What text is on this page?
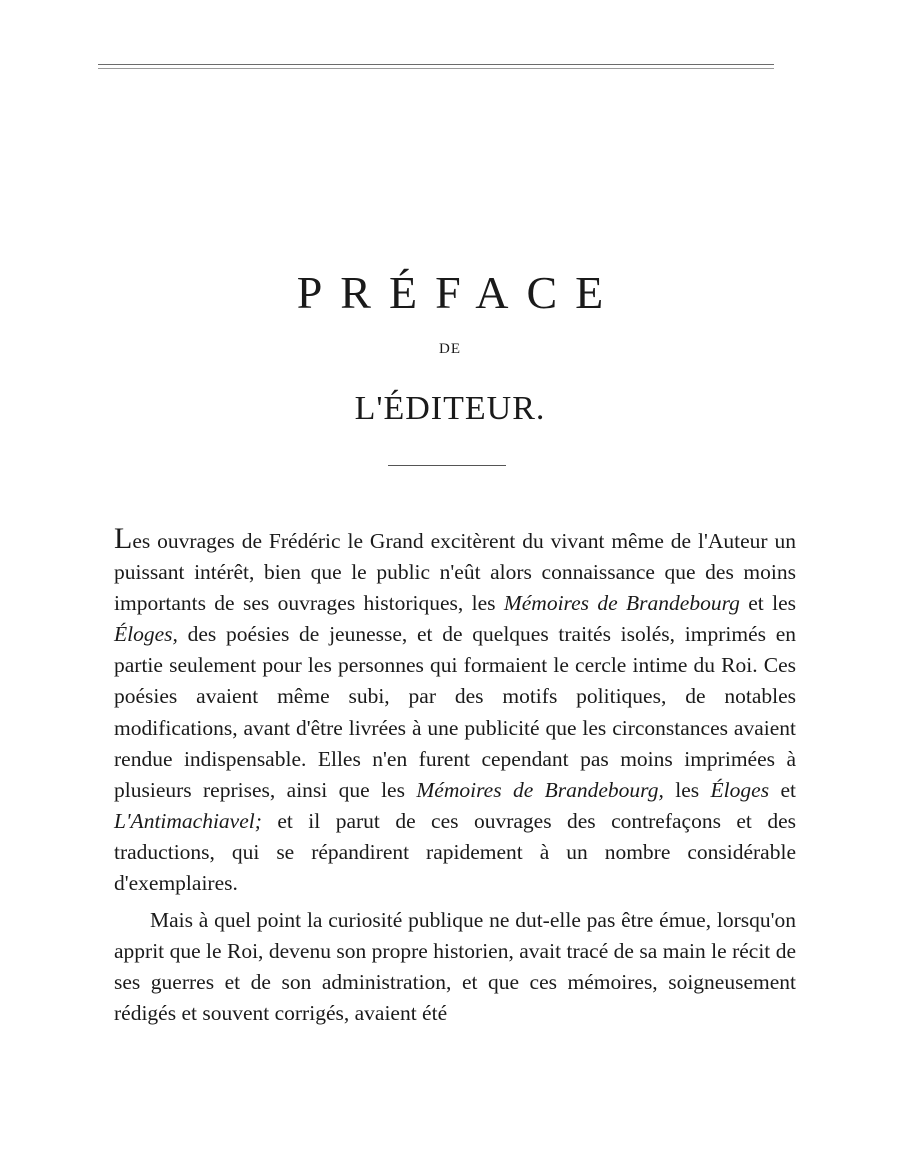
PRÉFACE
DE
L'ÉDITEUR.

Les ouvrages de Frédéric le Grand excitèrent du vivant même de l'Auteur un puissant intérêt, bien que le public n'eût alors connaissance que des moins importants de ses ouvrages historiques, les Mémoires de Brandebourg et les Éloges, des poésies de jeunesse, et de quelques traités isolés, imprimés en partie seulement pour les personnes qui formaient le cercle intime du Roi. Ces poésies avaient même subi, par des motifs politiques, de notables modifications, avant d'être livrées à une publicité que les circonstances avaient rendue indispensable. Elles n'en furent cependant pas moins imprimées à plusieurs reprises, ainsi que les Mémoires de Brandebourg, les Éloges et L'Antimachiavel; et il parut de ces ouvrages des contrefaçons et des traductions, qui se répandirent rapidement à un nombre considérable d'exemplaires.

Mais à quel point la curiosité publique ne dut-elle pas être émue, lorsqu'on apprit que le Roi, devenu son propre historien, avait tracé de sa main le récit de ses guerres et de son administration, et que ces mémoires, soigneusement rédigés et souvent corrigés, avaient été
